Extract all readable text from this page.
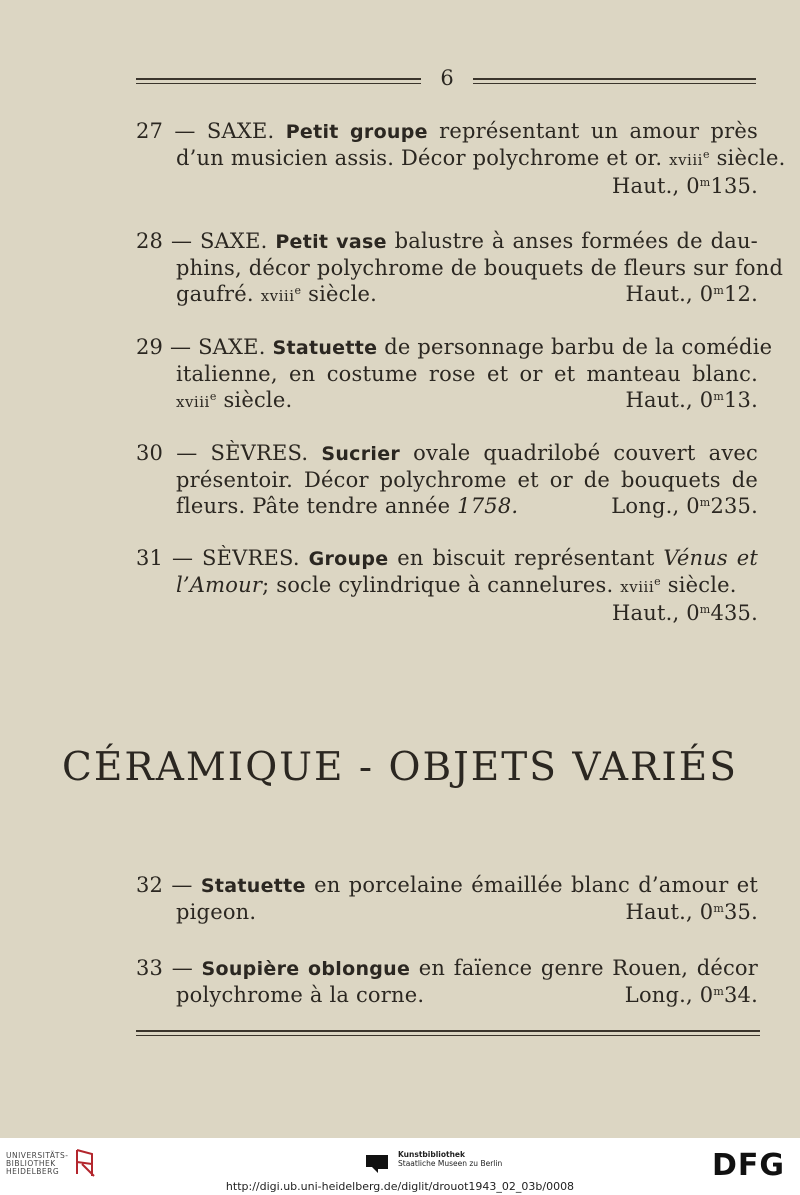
6
27 — SAXE. Petit groupe représentant un amour près
d’un musicien assis. Décor polychrome et or. xviii$^e$ siècle.
Haut., 0$^m$135.
28 — SAXE. Petit vase balustre à anses formées de dau-
phins, décor polychrome de bouquets de fleurs sur fond
gaufré. xviii$^e$ siècle.	Haut., 0$^m$12.
29 — SAXE. Statuette de personnage barbu de la comédie
italienne, en costume rose et or et manteau blanc.
xviii$^e$ siècle.	Haut., 0$^m$13.
30 — SÈVRES. Sucrier ovale quadrilobé couvert avec
présentoir. Décor polychrome et or de bouquets de
fleurs. Pâte tendre année 1758.	Long., 0$^m$235.
31 — SÈVRES. Groupe en biscuit représentant Vénus et
l’Amour; socle cylindrique à cannelures. xviii$^e$ siècle.
Haut., 0$^m$435.
CÉRAMIQUE - OBJETS VARIÉS
32 — Statuette en porcelaine émaillée blanc d’amour et
pigeon.	Haut., 0$^m$35.
33 — Soupière oblongue en faïence genre Rouen, décor
polychrome à la corne.	Long., 0$^m$34.
UNIVERSITÄTS-
BIBLIOTHEK
HEIDELBERG
Kunstbibliothek
Staatliche Museen zu Berlin	DFG
http://digi.ub.uni-heidelberg.de/diglit/drouot1943_02_03b/0008
